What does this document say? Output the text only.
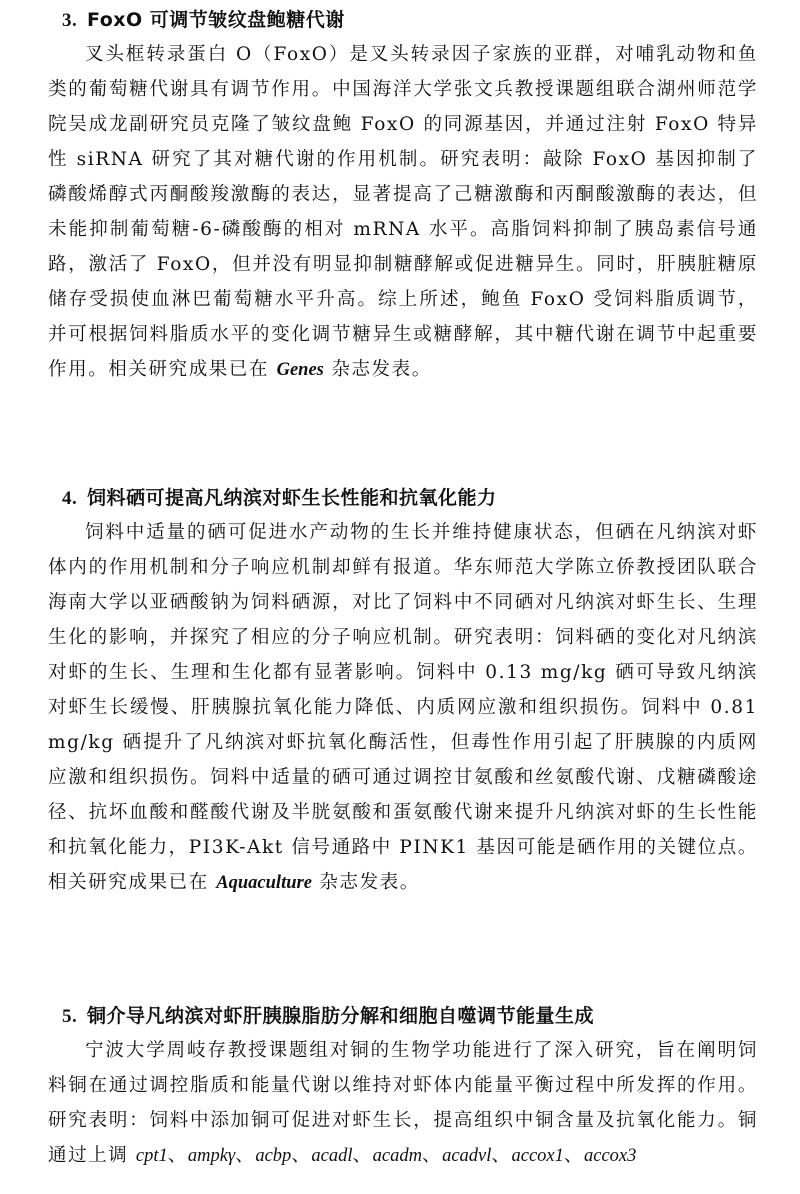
3. FoxO 可调节皱纹盘鲍糖代谢

叉头框转录蛋白 O（FoxO）是叉头转录因子家族的亚群，对哺乳动物和鱼类的葡萄糖代谢具有调节作用。中国海洋大学张文兵教授课题组联合湖州师范学院吴成龙副研究员克隆了皱纹盘鲍 FoxO 的同源基因，并通过注射 FoxO 特异性 siRNA 研究了其对糖代谢的作用机制。研究表明：敲除 FoxO 基因抑制了磷酸烯醇式丙酮酸羧激酶的表达，显著提高了己糖激酶和丙酮酸激酶的表达，但未能抑制葡萄糖-6-磷酸酶的相对 mRNA 水平。高脂饲料抑制了胰岛素信号通路，激活了 FoxO，但并没有明显抑制糖酵解或促进糖异生。同时，肝胰脏糖原储存受损使血淋巴葡萄糖水平升高。综上所述，鲍鱼 FoxO 受饲料脂质调节，并可根据饲料脂质水平的变化调节糖异生或糖酵解，其中糖代谢在调节中起重要作用。相关研究成果已在 Genes 杂志发表。

4. 饲料硒可提高凡纳滨对虾生长性能和抗氧化能力

饲料中适量的硒可促进水产动物的生长并维持健康状态，但硒在凡纳滨对虾体内的作用机制和分子响应机制却鲜有报道。华东师范大学陈立侨教授团队联合海南大学以亚硒酸钠为饲料硒源，对比了饲料中不同硒对凡纳滨对虾生长、生理生化的影响，并探究了相应的分子响应机制。研究表明：饲料硒的变化对凡纳滨对虾的生长、生理和生化都有显著影响。饲料中 0.13 mg/kg 硒可导致凡纳滨对虾生长缓慢、肝胰腺抗氧化能力降低、内质网应激和组织损伤。饲料中 0.81 mg/kg 硒提升了凡纳滨对虾抗氧化酶活性，但毒性作用引起了肝胰腺的内质网应激和组织损伤。饲料中适量的硒可通过调控甘氨酸和丝氨酸代谢、戊糖磷酸途径、抗坏血酸和醛酸代谢及半胱氨酸和蛋氨酸代谢来提升凡纳滨对虾的生长性能和抗氧化能力，PI3K-Akt 信号通路中 PINK1 基因可能是硒作用的关键位点。相关研究成果已在 Aquaculture 杂志发表。

5. 铜介导凡纳滨对虾肝胰腺脂肪分解和细胞自噬调节能量生成

宁波大学周岐存教授课题组对铜的生物学功能进行了深入研究，旨在阐明饲料铜在通过调控脂质和能量代谢以维持对虾体内能量平衡过程中所发挥的作用。研究表明：饲料中添加铜可促进对虾生长，提高组织中铜含量及抗氧化能力。铜通过上调 cpt1、ampkγ、acbp、acadl、acadm、acadvl、accox1、accox3
